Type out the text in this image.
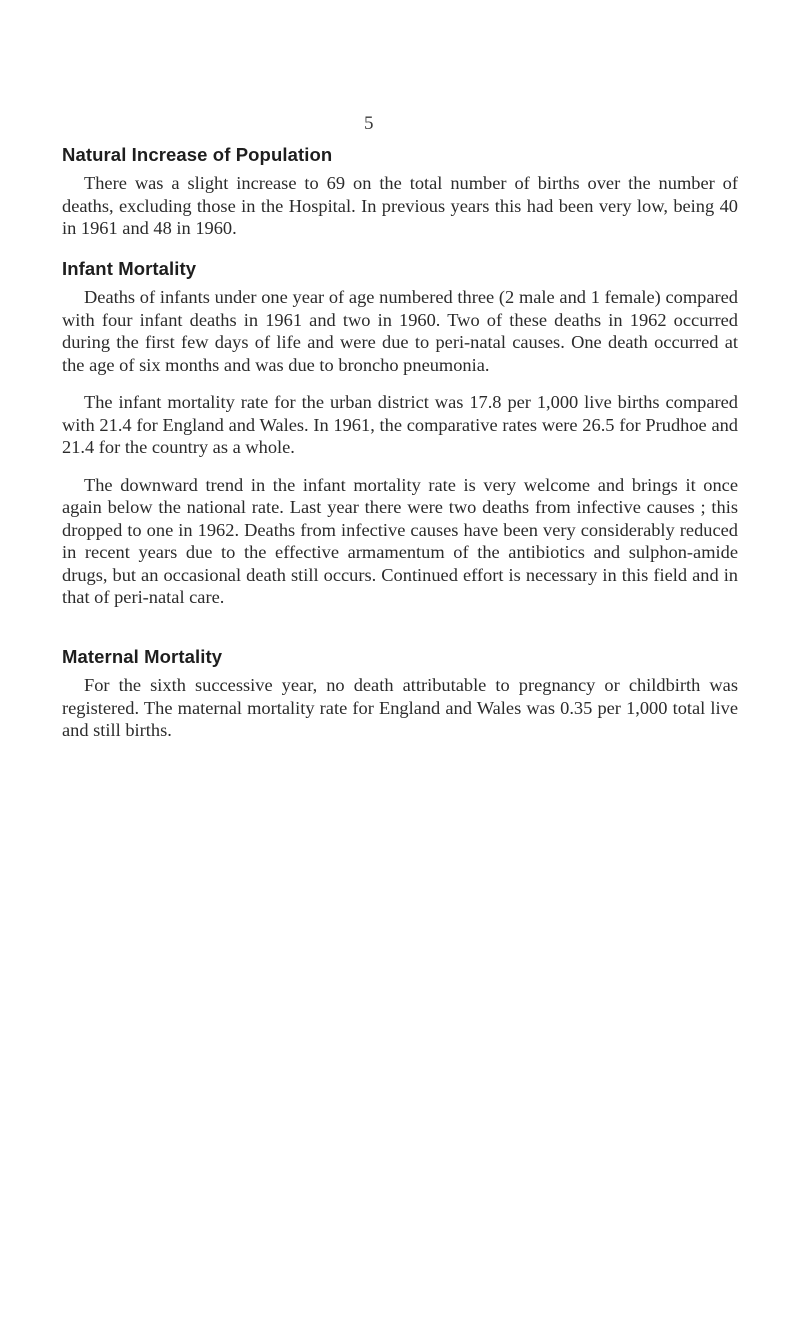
5
Natural Increase of Population

There was a slight increase to 69 on the total number of births over the number of deaths, excluding those in the Hospital. In previous years this had been very low, being 40 in 1961 and 48 in 1960.

Infant Mortality

Deaths of infants under one year of age numbered three (2 male and 1 female) compared with four infant deaths in 1961 and two in 1960. Two of these deaths in 1962 occurred during the first few days of life and were due to peri-natal causes. One death occurred at the age of six months and was due to broncho pneumonia.

The infant mortality rate for the urban district was 17.8 per 1,000 live births compared with 21.4 for England and Wales. In 1961, the comparative rates were 26.5 for Prudhoe and 21.4 for the country as a whole.

The downward trend in the infant mortality rate is very welcome and brings it once again below the national rate. Last year there were two deaths from infective causes ; this dropped to one in 1962. Deaths from infective causes have been very considerably reduced in recent years due to the effective armamentum of the antibiotics and sulphon-amide drugs, but an occasional death still occurs. Continued effort is necessary in this field and in that of peri-natal care.

Maternal Mortality

For the sixth successive year, no death attributable to pregnancy or childbirth was registered. The maternal mortality rate for England and Wales was 0.35 per 1,000 total live and still births.
